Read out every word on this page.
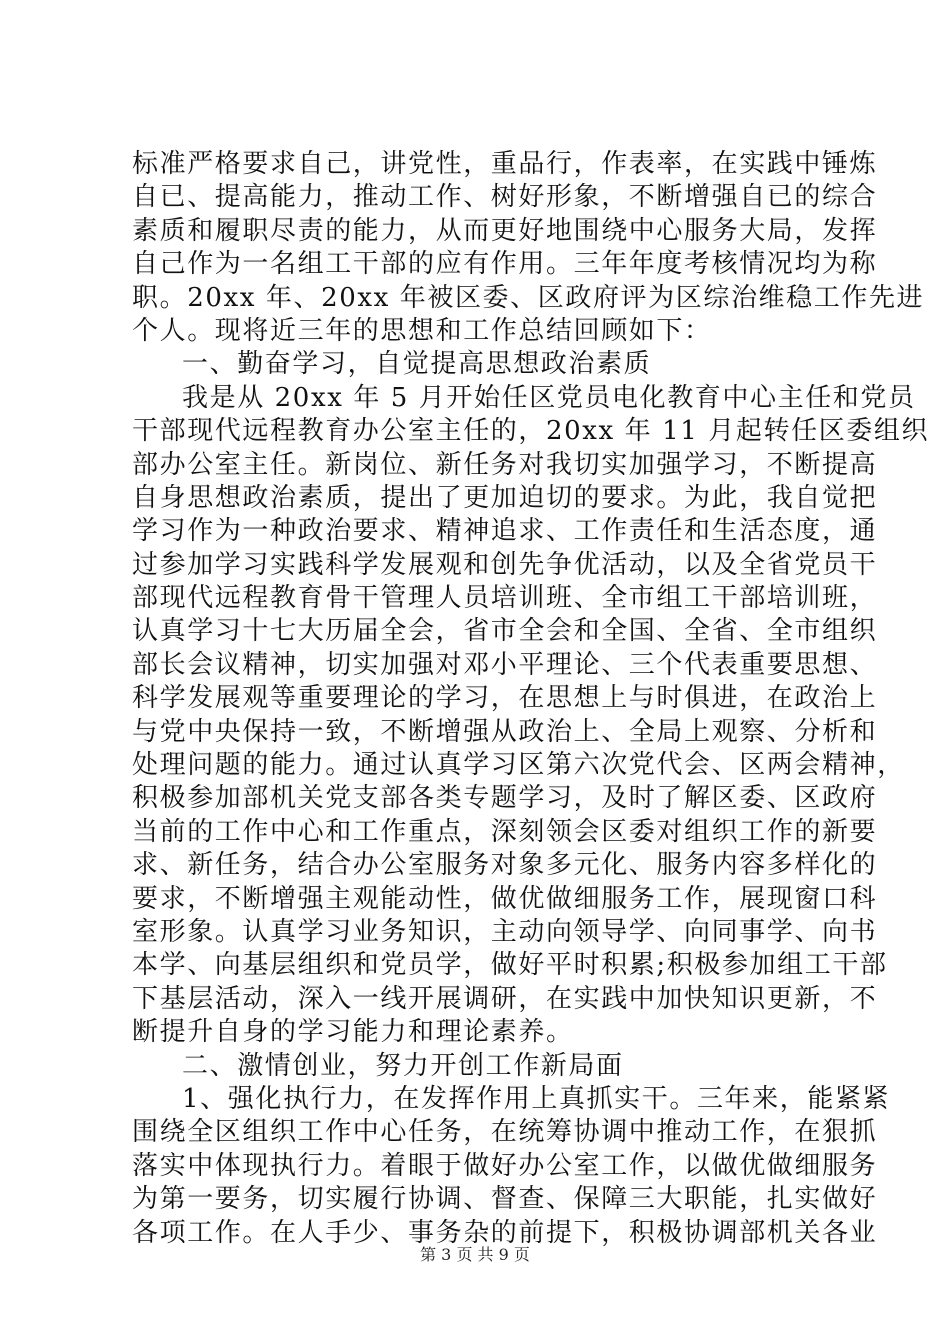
标准严格要求自己，讲党性，重品行，作表率，在实践中锤炼
自已、提高能力，推动工作、树好形象，不断增强自已的综合
素质和履职尽责的能力，从而更好地围绕中心服务大局，发挥
自己作为一名组工干部的应有作用。三年年度考核情况均为称
职。20xx 年、20xx 年被区委、区政府评为区综治维稳工作先进
个人。现将近三年的思想和工作总结回顾如下：
一、勤奋学习，自觉提高思想政治素质
我是从 20xx 年 5 月开始任区党员电化教育中心主任和党员
干部现代远程教育办公室主任的，20xx 年 11 月起转任区委组织
部办公室主任。新岗位、新任务对我切实加强学习，不断提高
自身思想政治素质，提出了更加迫切的要求。为此，我自觉把
学习作为一种政治要求、精神追求、工作责任和生活态度，通
过参加学习实践科学发展观和创先争优活动，以及全省党员干
部现代远程教育骨干管理人员培训班、全市组工干部培训班，
认真学习十七大历届全会，省市全会和全国、全省、全市组织
部长会议精神，切实加强对邓小平理论、三个代表重要思想、
科学发展观等重要理论的学习，在思想上与时俱进，在政治上
与党中央保持一致，不断增强从政治上、全局上观察、分析和
处理问题的能力。通过认真学习区第六次党代会、区两会精神，
积极参加部机关党支部各类专题学习，及时了解区委、区政府
当前的工作中心和工作重点，深刻领会区委对组织工作的新要
求、新任务，结合办公室服务对象多元化、服务内容多样化的
要求，不断增强主观能动性，做优做细服务工作，展现窗口科
室形象。认真学习业务知识，主动向领导学、向同事学、向书
本学、向基层组织和党员学，做好平时积累;积极参加组工干部
下基层活动，深入一线开展调研，在实践中加快知识更新，不
断提升自身的学习能力和理论素养。
二、激情创业，努力开创工作新局面
1、强化执行力，在发挥作用上真抓实干。三年来，能紧紧
围绕全区组织工作中心任务，在统筹协调中推动工作，在狠抓
落实中体现执行力。着眼于做好办公室工作，以做优做细服务
为第一要务，切实履行协调、督查、保障三大职能，扎实做好
各项工作。在人手少、事务杂的前提下，积极协调部机关各业
第 3 页 共 9 页
